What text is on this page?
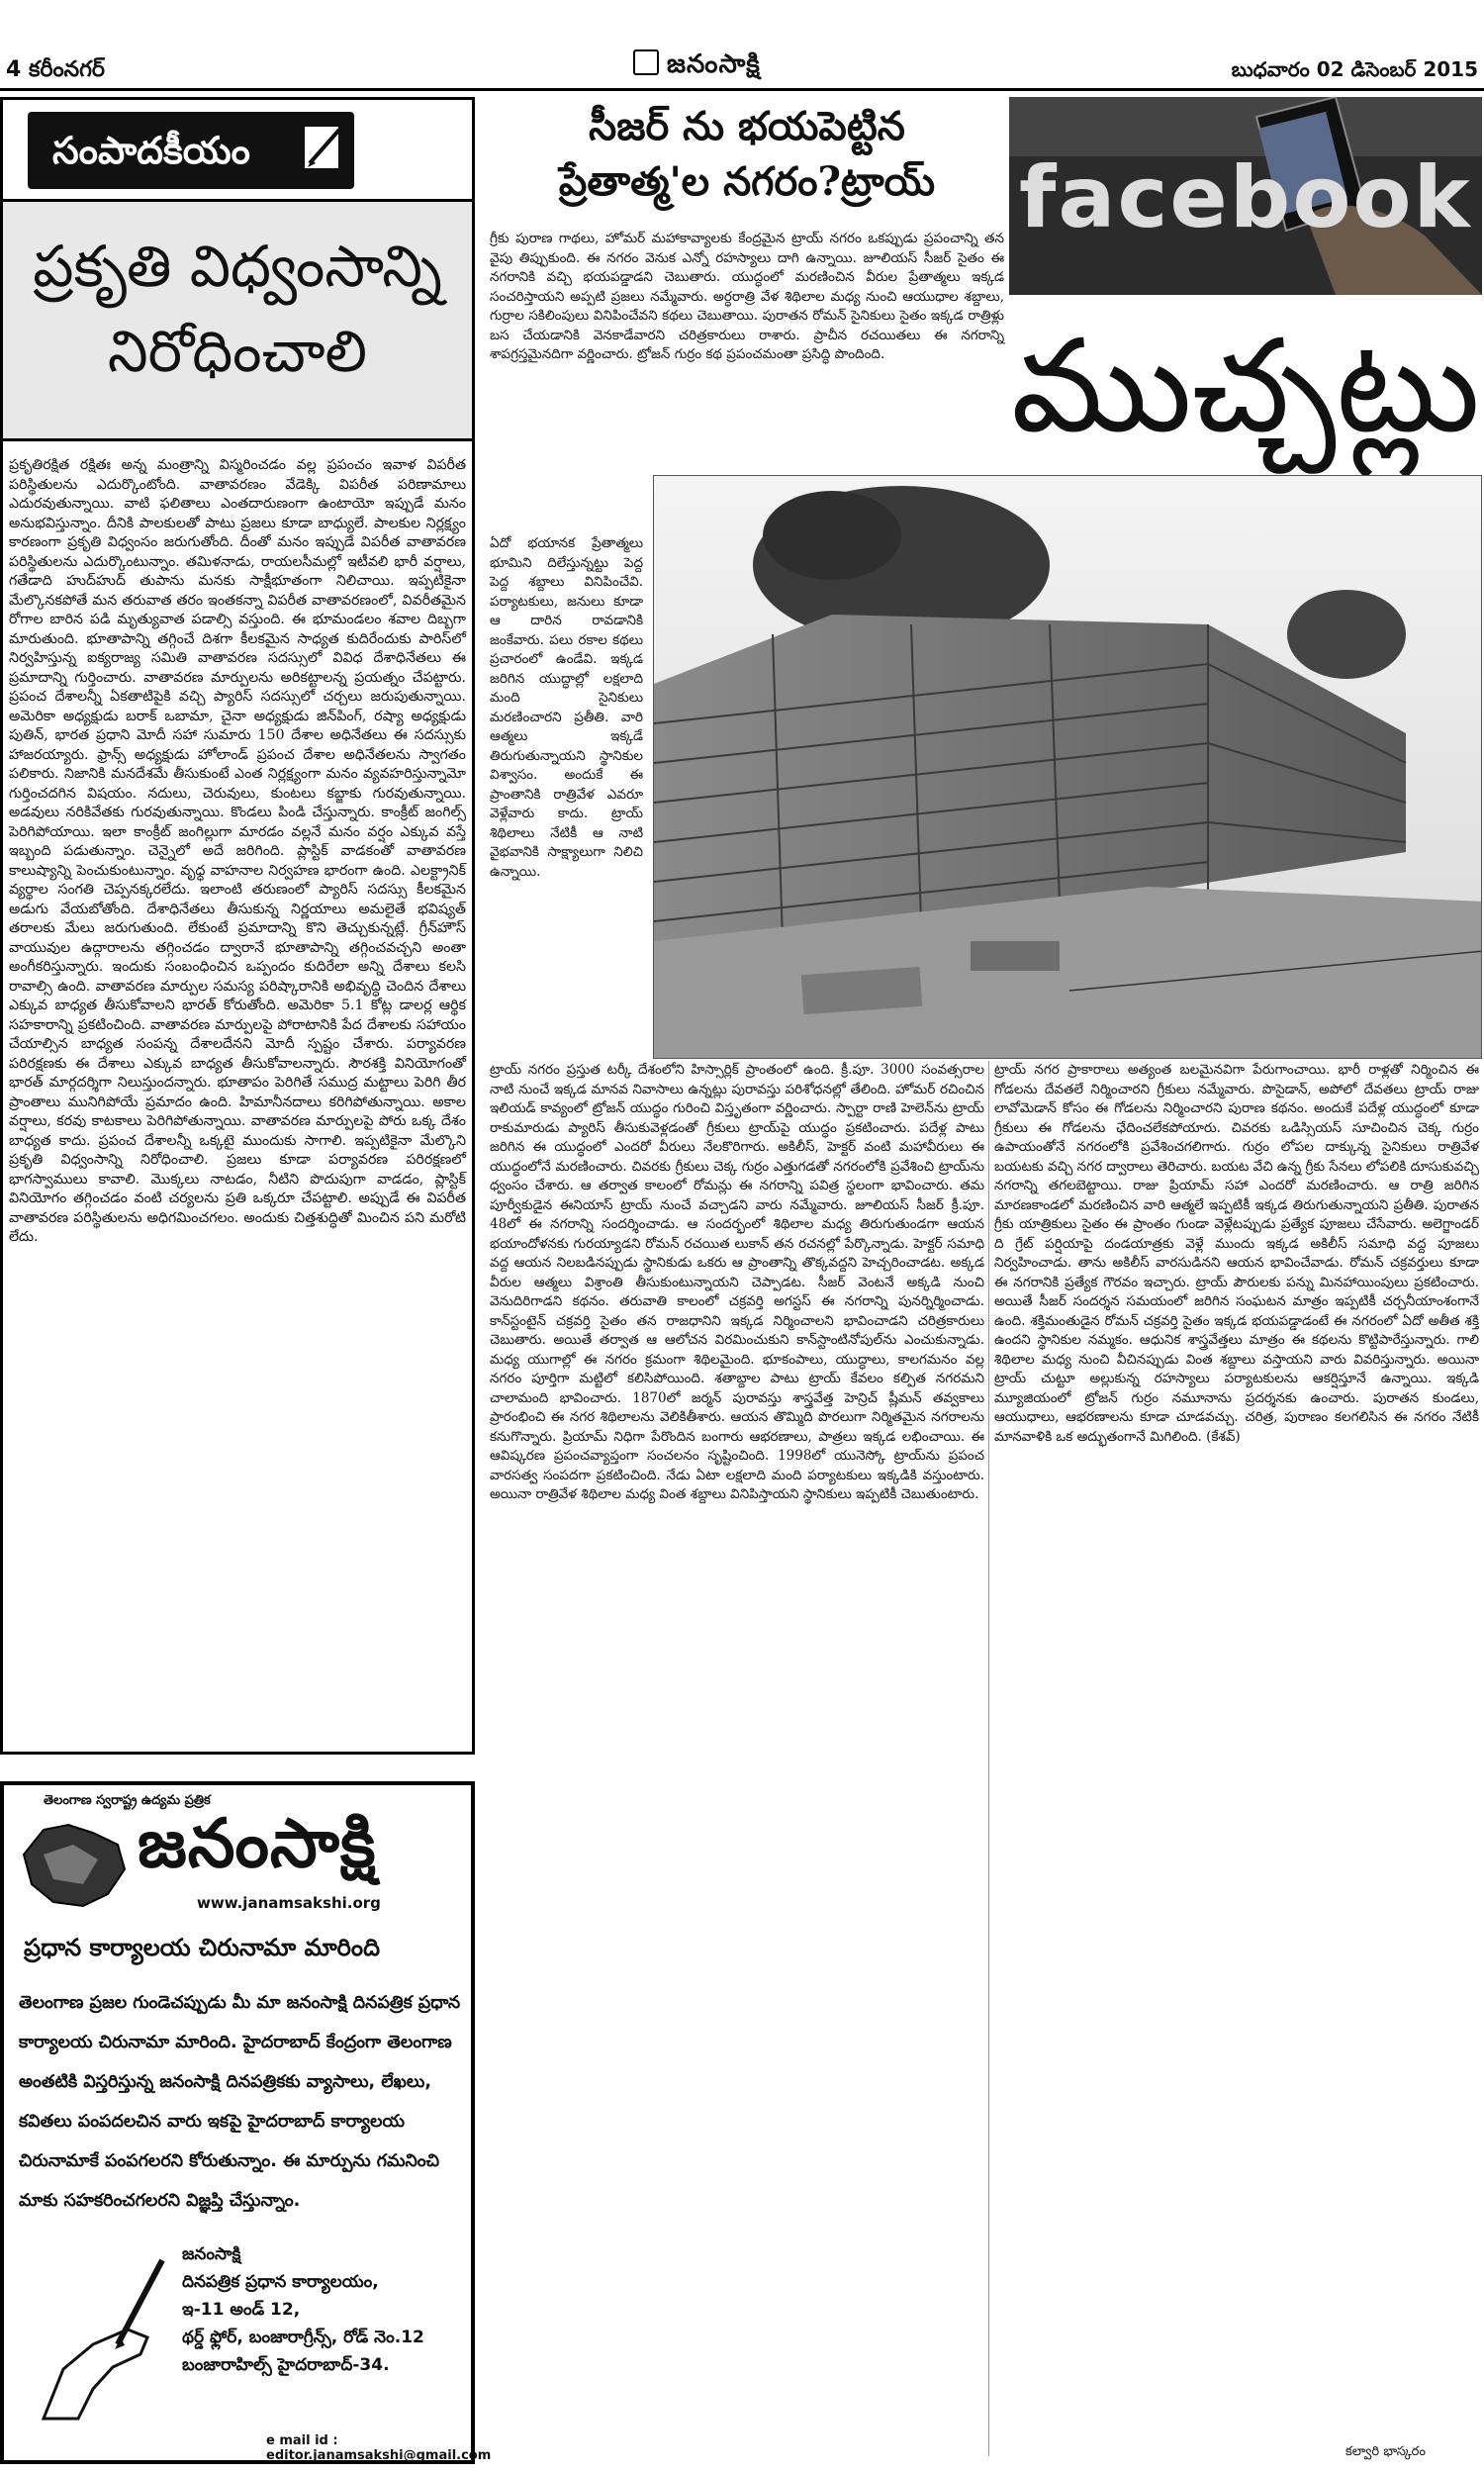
4 కరీంనగర్	జనంసాక్షి	బుధవారం 02 డిసెంబర్ 2015
సంపాదకీయం
ప్రకృతి విధ్వంసాన్ని
నిరోధించాలి
ప్రకృతిరక్షిత రక్షితః అన్న మంత్రాన్ని విస్మరించడం వల్ల ప్రపంచం ఇవాళ విపరీత పరిస్థితులను ఎదుర్కొంటోంది. వాతావరణం వేడెక్కి విపరీత పరిణామాలు ఎదురవుతున్నాయి. వాటి ఫలితాలు ఎంతదారుణంగా ఉంటాయో ఇప్పుడే మనం అనుభవిస్తున్నాం. దీనికి పాలకులతో పాటు ప్రజలు కూడా బాధ్యులే. పాలకుల నిర్లక్ష్యం కారణంగా ప్రకృతి విధ్వంసం జరుగుతోంది. దీంతో మనం ఇప్పుడే విపరీత వాతావరణ పరిస్థితులను ఎదుర్కొంటున్నాం. తమిళనాడు, రాయలసీమల్లో ఇటీవలి భారీ వర్షాలు, గతేడాది హుద్‌హుద్‌ తుపాను మనకు సాక్షీభూతంగా నిలిచాయి. ఇప్పటికైనా మేల్కొనకపోతే మన తరువాత తరం ఇంతకన్నా విపరీత వాతావరణంలో, వివరీతమైన రోగాల బారిన పడి మృత్యువాత పడాల్సి వస్తుంది. ఈ భూమండలం శవాల దిబ్బగా మారుతుంది. భూతాపాన్ని తగ్గించే దిశగా కీలకమైన సాధ్యత కుదిరేందుకు పారిస్‌లో నిర్వహిస్తున్న ఐక్యరాజ్య సమితి వాతావరణ సదస్సులో వివిధ దేశాధినేతలు ఈ ప్రమాదాన్ని గుర్తించారు. వాతావరణ మార్పులను అరికట్టాలన్న ప్రయత్నం చేపట్టారు. ప్రపంచ దేశాలన్నీ ఏకతాటిపైకి వచ్చి ప్యారిస్‌ సదస్సులో చర్చలు జరుపుతున్నాయి. అమెరికా అధ్యక్షుడు బరాక్‌ ఒబామా, చైనా అధ్యక్షుడు జిన్‌పింగ్‌, రష్యా అధ్యక్షుడు పుతిన్‌, భారత ప్రధాని మోదీ సహా సుమారు 150 దేశాల అధినేతలు ఈ సదస్సుకు హాజరయ్యారు. ఫ్రాన్స్‌ అధ్యక్షుడు హోలాండ్‌ ప్రపంచ దేశాల అధినేతలను స్వాగతం పలికారు. నిజానికి మనదేశమే తీసుకుంటే ఎంత నిర్లక్ష్యంగా మనం వ్యవహరిస్తున్నామో గుర్తించదగిన విషయం. నదులు, చెరువులు, కుంటలు కబ్జాకు గురవుతున్నాయి. అడవులు నరికివేతకు గురవుతున్నాయి. కొండలు పిండి చేస్తున్నారు. కాంక్రీట్‌ జంగిల్స్‌ పెరిగిపోయాయి. ఇలా కాంక్రీట్‌ జంగిల్లుగా మారడం వల్లనే మనం వర్షం ఎక్కువ వస్తే ఇబ్బంది పడుతున్నాం. చెన్నైలో అదే జరిగింది. ప్లాస్టిక్‌ వాడకంతో వాతావరణ కాలుష్యాన్ని పెంచుకుంటున్నాం. వృధ్ధ వాహనాల నిర్వహణ భారంగా ఉంది. ఎలక్ట్రానిక్‌ వ్యర్థాల సంగతి చెప్పనక్కరలేదు. ఇలాంటి తరుణంలో ప్యారిస్‌ సదస్సు కీలకమైన అడుగు వేయబోతోంది. దేశాధినేతలు తీసుకున్న నిర్ణయాలు అమలైతే భవిష్యత్‌ తరాలకు మేలు జరుగుతుంది. లేకుంటే ప్రమాదాన్ని కొని తెచ్చుకున్నట్లే. గ్రీన్‌హౌస్‌ వాయువుల ఉద్గారాలను తగ్గించడం ద్వారానే భూతాపాన్ని తగ్గించవచ్చని అంతా అంగీకరిస్తున్నారు. ఇందుకు సంబంధించిన ఒప్పందం కుదిరేలా అన్ని దేశాలు కలసి రావాల్సి ఉంది. వాతావరణ మార్పుల సమస్య పరిష్కారానికి అభివృద్ధి చెందిన దేశాలు ఎక్కువ బాధ్యత తీసుకోవాలని భారత్‌ కోరుతోంది. అమెరికా 5.1 కోట్ల డాలర్ల ఆర్థిక సహకారాన్ని ప్రకటించింది. వాతావరణ మార్పులపై పోరాటానికి పేద దేశాలకు సహాయం చేయాల్సిన బాధ్యత సంపన్న దేశాలదేనని మోదీ స్పష్టం చేశారు. పర్యావరణ పరిరక్షణకు ఈ దేశాలు ఎక్కువ బాధ్యత తీసుకోవాలన్నారు. సౌరశక్తి వినియోగంతో భారత్‌ మార్గదర్శిగా నిలుస్తుందన్నారు. భూతాపం పెరిగితే సముద్ర మట్టాలు పెరిగి తీర ప్రాంతాలు మునిగిపోయే ప్రమాదం ఉంది. హిమానీనదాలు కరిగిపోతున్నాయి. అకాల వర్షాలు, కరవు కాటకాలు పెరిగిపోతున్నాయి. వాతావరణ మార్పులపై పోరు ఒక్క దేశం బాధ్యత కాదు. ప్రపంచ దేశాలన్నీ ఒక్కటై ముందుకు సాగాలి. ఇప్పటికైనా మేల్కొని ప్రకృతి విధ్వంసాన్ని నిరోధించాలి. ప్రజలు కూడా పర్యావరణ పరిరక్షణలో భాగస్వాములు కావాలి. మొక్కలు నాటడం, నీటిని పొదుపుగా వాడడం, ప్లాస్టిక్‌ వినియోగం తగ్గించడం వంటి చర్యలను ప్రతి ఒక్కరూ చేపట్టాలి. అప్పుడే ఈ విపరీత వాతావరణ పరిస్థితులను అధిగమించగలం. అందుకు చిత్తశుద్ధితో మించిన పని మరోటి లేదు.
తెలంగాణ స్వరాష్ట్ర ఉద్యమ ప్రత్రిక
జనంసాక్షి
www.janamsakshi.org
ప్రధాన కార్యాలయ చిరునామా మారింది
తెలంగాణ ప్రజల గుండెచప్పుడు మీ మా జనంసాక్షి దినపత్రిక ప్రధాన కార్యాలయ చిరునామా మారింది. హైదరాబాద్‌ కేంద్రంగా తెలంగాణ అంతటికి విస్తరిస్తున్న జనంసాక్షి దినపత్రికకు వ్యాసాలు, లేఖలు, కవితలు పంపదలచిన వారు ఇకపై హైదరాబాద్‌ కార్యాలయ చిరునామాకే పంపగలరని కోరుతున్నాం. ఈ మార్పును గమనించి మాకు సహకరించగలరని విజ్ఞప్తి చేస్తున్నాం.
జనంసాక్షి
దినపత్రిక ప్రధాన కార్యాలయం,
ఇ-11 అండ్‌ 12,
థర్డ్‌ ఫ్లోర్‌, బంజారాగ్రీన్స్‌, రోడ్‌ నెం.12
బంజారాహిల్స్‌ హైదరాబాద్‌-34.
e mail id : editor.janamsakshi@gmail.com
సీజర్‌ ను భయపెట్టిన
ప్రేతాత్మ'ల నగరం?ట్రాయ్‌
గ్రీకు పురాణ గాథలు, హోమర్‌ మహాకావ్యాలకు కేంద్రమైన ట్రాయ్‌ నగరం ఒకప్పుడు ప్రపంచాన్ని తన వైపు తిప్పుకుంది. ఈ నగరం వెనుక ఎన్నో రహస్యాలు దాగి ఉన్నాయి. జూలియస్‌ సీజర్‌ సైతం ఈ నగరానికి వచ్చి భయపడ్డాడని చెబుతారు. యుద్ధంలో మరణించిన వీరుల ప్రేతాత్మలు ఇక్కడ సంచరిస్తాయని అప్పటి ప్రజలు నమ్మేవారు. అర్ధరాత్రి వేళ శిథిలాల మధ్య నుంచి ఆయుధాల శబ్దాలు, గుర్రాల సకిలింపులు వినిపించేవని కథలు చెబుతాయి. పురాతన రోమన్‌ సైనికులు సైతం ఇక్కడ రాత్రిళ్లు బస చేయడానికి వెనకాడేవారని చరిత్రకారులు రాశారు. ప్రాచీన రచయితలు ఈ నగరాన్ని శాపగ్రస్తమైనదిగా వర్ణించారు. ట్రోజన్‌ గుర్రం కథ ప్రపంచమంతా ప్రసిద్ధి పొందింది.
ఏదో భయానక ప్రేతాత్మలు భూమిని దిలేస్తున్నట్టు పెద్ద పెద్ద శబ్దాలు వినిపించేవి. పర్యాటకులు, జనులు కూడా ఆ దారిన రావడానికి జంకేవారు. పలు రకాల కథలు ప్రచారంలో ఉండేవి. ఇక్కడ జరిగిన యుద్ధాల్లో లక్షలాది మంది సైనికులు మరణించారని ప్రతీతి. వారి ఆత్మలు ఇక్కడే తిరుగుతున్నాయని స్థానికుల విశ్వాసం. అందుకే ఈ ప్రాంతానికి రాత్రివేళ ఎవరూ వెళ్లేవారు కాదు. ట్రాయ్‌ శిథిలాలు నేటికీ ఆ నాటి వైభవానికి సాక్ష్యాలుగా నిలిచి ఉన్నాయి.
facebook
ముచ్చట్లు
ట్రాయ్‌ నగరం ప్రస్తుత టర్కీ దేశంలోని హిస్సార్లిక్‌ ప్రాంతంలో ఉంది. క్రీ.పూ. 3000 సంవత్సరాల నాటి నుంచే ఇక్కడ మానవ నివాసాలు ఉన్నట్లు పురావస్తు పరిశోధనల్లో తేలింది. హోమర్‌ రచించిన ఇలియడ్‌ కావ్యంలో ట్రోజన్‌ యుద్ధం గురించి విస్తృతంగా వర్ణించారు. స్పార్టా రాణి హెలెన్‌ను ట్రాయ్‌ రాకుమారుడు ప్యారిస్‌ తీసుకువెళ్లడంతో గ్రీకులు ట్రాయ్‌పై యుద్ధం ప్రకటించారు. పదేళ్ల పాటు జరిగిన ఈ యుద్ధంలో ఎందరో వీరులు నేలకొరిగారు. అకిలీస్‌, హెక్టర్‌ వంటి మహావీరులు ఈ యుద్ధంలోనే మరణించారు. చివరకు గ్రీకులు చెక్క గుర్రం ఎత్తుగడతో నగరంలోకి ప్రవేశించి ట్రాయ్‌ను ధ్వంసం చేశారు. ఆ తర్వాత కాలంలో రోమన్లు ఈ నగరాన్ని పవిత్ర స్థలంగా భావించారు. తమ పూర్వీకుడైన ఈనియాస్‌ ట్రాయ్‌ నుంచే వచ్చాడని వారు నమ్మేవారు. జూలియస్‌ సీజర్‌ క్రీ.పూ. 48లో ఈ నగరాన్ని సందర్శించాడు. ఆ సందర్భంలో శిథిలాల మధ్య తిరుగుతుండగా ఆయన భయాందోళనకు గురయ్యాడని రోమన్‌ రచయిత లుకాన్‌ తన రచనల్లో పేర్కొన్నాడు. హెక్టర్‌ సమాధి వద్ద ఆయన నిలబడినప్పుడు స్థానికుడు ఒకరు ఆ ప్రాంతాన్ని తొక్కవద్దని హెచ్చరించాడట. అక్కడ వీరుల ఆత్మలు విశ్రాంతి తీసుకుంటున్నాయని చెప్పాడట. సీజర్‌ వెంటనే అక్కడి నుంచి వెనుదిరిగాడని కథనం. తరువాతి కాలంలో చక్రవర్తి అగస్టస్‌ ఈ నగరాన్ని పునర్నిర్మించాడు. కాన్‌స్టంటైన్‌ చక్రవర్తి సైతం తన రాజధానిని ఇక్కడ నిర్మించాలని భావించాడని చరిత్రకారులు చెబుతారు. అయితే తర్వాత ఆ ఆలోచన విరమించుకుని కాన్‌స్టాంటినోపుల్‌ను ఎంచుకున్నాడు. మధ్య యుగాల్లో ఈ నగరం క్రమంగా శిథిలమైంది. భూకంపాలు, యుద్ధాలు, కాలగమనం వల్ల నగరం పూర్తిగా మట్టిలో కలిసిపోయింది. శతాబ్దాల పాటు ట్రాయ్‌ కేవలం కల్పిత నగరమని చాలామంది భావించారు. 1870లో జర్మన్‌ పురావస్తు శాస్త్రవేత్త హెన్రిచ్‌ ష్లీమన్‌ తవ్వకాలు ప్రారంభించి ఈ నగర శిథిలాలను వెలికితీశారు. ఆయన తొమ్మిది పొరలుగా నిర్మితమైన నగరాలను కనుగొన్నారు. ప్రియామ్‌ నిధిగా పేరొందిన బంగారు ఆభరణాలు, పాత్రలు ఇక్కడ లభించాయి. ఈ ఆవిష్కరణ ప్రపంచవ్యాప్తంగా సంచలనం సృష్టించింది. 1998లో యునెస్కో ట్రాయ్‌ను ప్రపంచ వారసత్వ సంపదగా ప్రకటించింది. నేడు ఏటా లక్షలాది మంది పర్యాటకులు ఇక్కడికి వస్తుంటారు. అయినా రాత్రివేళ శిథిలాల మధ్య వింత శబ్దాలు వినిపిస్తాయని స్థానికులు ఇప్పటికీ చెబుతుంటారు.
ట్రాయ్‌ నగర ప్రాకారాలు అత్యంత బలమైనవిగా పేరుగాంచాయి. భారీ రాళ్లతో నిర్మించిన ఈ గోడలను దేవతలే నిర్మించారని గ్రీకులు నమ్మేవారు. పొసైడాన్‌, అపోలో దేవతలు ట్రాయ్‌ రాజు లావోమెడాన్‌ కోసం ఈ గోడలను నిర్మించారని పురాణ కథనం. అందుకే పదేళ్ల యుద్ధంలో కూడా గ్రీకులు ఈ గోడలను ఛేదించలేకపోయారు. చివరకు ఒడిస్సియస్‌ సూచించిన చెక్క గుర్రం ఉపాయంతోనే నగరంలోకి ప్రవేశించగలిగారు. గుర్రం లోపల దాక్కున్న సైనికులు రాత్రివేళ బయటకు వచ్చి నగర ద్వారాలు తెరిచారు. బయట వేచి ఉన్న గ్రీకు సేనలు లోపలికి దూసుకువచ్చి నగరాన్ని తగలబెట్టాయి. రాజు ప్రియామ్‌ సహా ఎందరో మరణించారు. ఆ రాత్రి జరిగిన మారణకాండలో మరణించిన వారి ఆత్మలే ఇప్పటికీ ఇక్కడ తిరుగుతున్నాయని ప్రతీతి. పురాతన గ్రీకు యాత్రికులు సైతం ఈ ప్రాంతం గుండా వెళ్లేటప్పుడు ప్రత్యేక పూజలు చేసేవారు. అలెగ్జాండర్‌ ది గ్రేట్‌ పర్షియాపై దండయాత్రకు వెళ్లే ముందు ఇక్కడ అకిలీస్‌ సమాధి వద్ద పూజలు నిర్వహించాడు. తాను అకిలీస్‌ వారసుడినని ఆయన భావించేవాడు. రోమన్‌ చక్రవర్తులు కూడా ఈ నగరానికి ప్రత్యేక గౌరవం ఇచ్చారు. ట్రాయ్‌ పౌరులకు పన్ను మినహాయింపులు ప్రకటించారు. అయితే సీజర్‌ సందర్శన సమయంలో జరిగిన సంఘటన మాత్రం ఇప్పటికీ చర్చనీయాంశంగానే ఉంది. శక్తిమంతుడైన రోమన్‌ చక్రవర్తి సైతం ఇక్కడ భయపడ్డాడంటే ఈ నగరంలో ఏదో అతీత శక్తి ఉందని స్థానికుల నమ్మకం. ఆధునిక శాస్త్రవేత్తలు మాత్రం ఈ కథలను కొట్టిపారేస్తున్నారు. గాలి శిథిలాల మధ్య నుంచి వీచినప్పుడు వింత శబ్దాలు వస్తాయని వారు వివరిస్తున్నారు. అయినా ట్రాయ్‌ చుట్టూ అల్లుకున్న రహస్యాలు పర్యాటకులను ఆకర్షిస్తూనే ఉన్నాయి. ఇక్కడి మ్యూజియంలో ట్రోజన్‌ గుర్రం నమూనాను ప్రదర్శనకు ఉంచారు. పురాతన కుండలు, ఆయుధాలు, ఆభరణాలను కూడా చూడవచ్చు. చరిత్ర, పురాణం కలగలిసిన ఈ నగరం నేటికీ మానవాళికి ఒక అద్భుతంగానే మిగిలింది. (కేశవ్‌)
కల్వారి భాస్కరం
